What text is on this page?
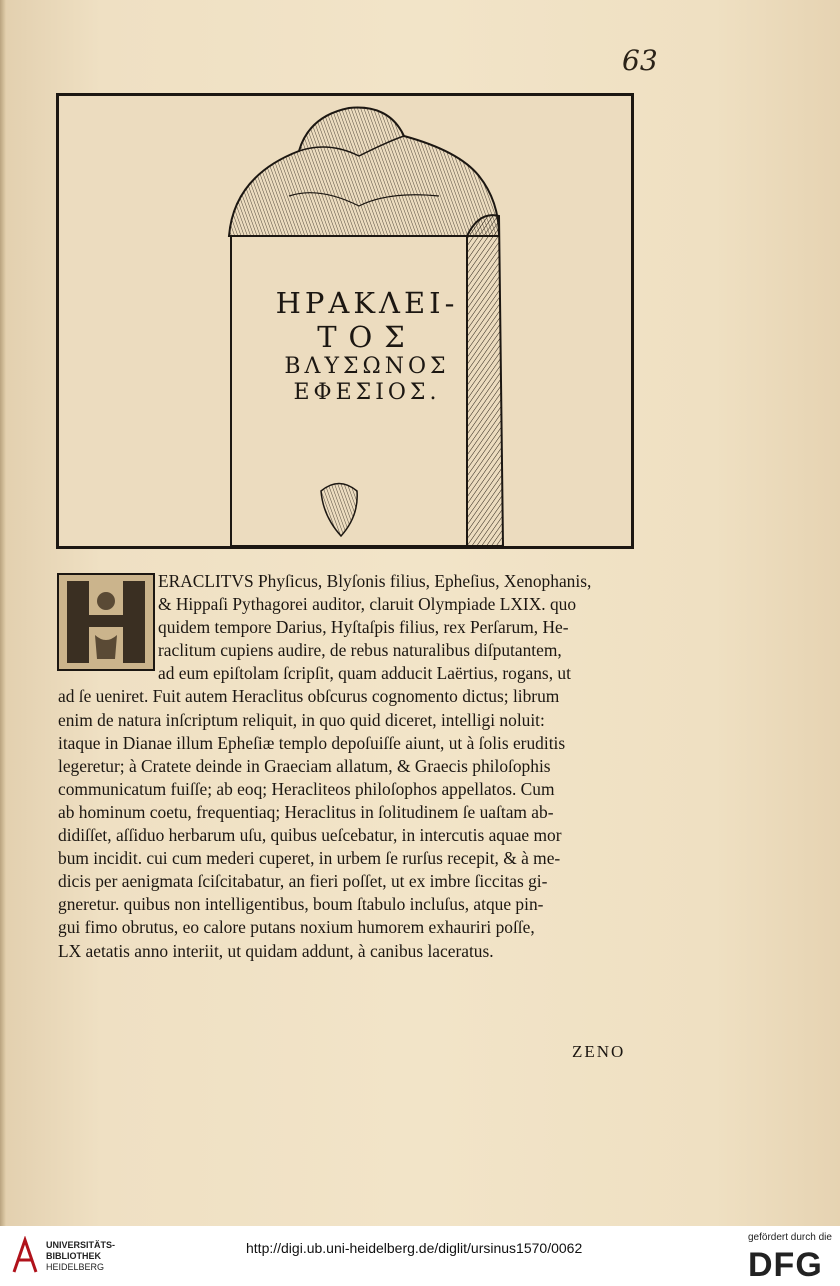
63
ΗΡΑΚΛΕΙ-
ΤΟΣ
ΒΛΥΣΩΝΟΣ
ΕΦΕΣΙΟΣ.
ERACLITVS Phyſicus, Blyſonis filius, Epheſius, Xenophanis,
& Hippaſi Pythagorei auditor, claruit Olympiade LXIX. quo
quidem tempore Darius, Hyſtaſpis filius, rex Perſarum, He-
raclitum cupiens audire, de rebus naturalibus diſputantem,
ad eum epiſtolam ſcripſit, quam adducit Laërtius, rogans, ut
ad ſe ueniret. Fuit autem Heraclitus obſcurus cognomento dictus; librum
enim de natura inſcriptum reliquit, in quo quid diceret, intelligi noluit:
itaque in Dianae illum Epheſiæ templo depoſuiſſe aiunt, ut à ſolis eruditis
legeretur; à Cratete deinde in Graeciam allatum, & Graecis philoſophis
communicatum fuiſſe; ab eoq; Heracliteos philoſophos appellatos. Cum
ab hominum coetu, frequentiaq; Heraclitus in ſolitudinem ſe uaſtam ab-
didiſſet, aſſiduo herbarum uſu, quibus ueſcebatur, in intercutis aquae mor
bum incidit. cui cum mederi cuperet, in urbem ſe rurſus recepit, & à me-
dicis per aenigmata ſciſcitabatur, an fieri poſſet, ut ex imbre ſiccitas gi-
gneretur. quibus non intelligentibus, boum ſtabulo incluſus, atque pin-
gui fimo obrutus, eo calore putans noxium humorem exhauriri poſſe,
LX aetatis anno interiit, ut quidam addunt, à canibus laceratus.
ZENO
UNIVERSITÄTS-
BIBLIOTHEK
HEIDELBERG
http://digi.ub.uni-heidelberg.de/diglit/ursinus1570/0062
gefördert durch die
DFG
